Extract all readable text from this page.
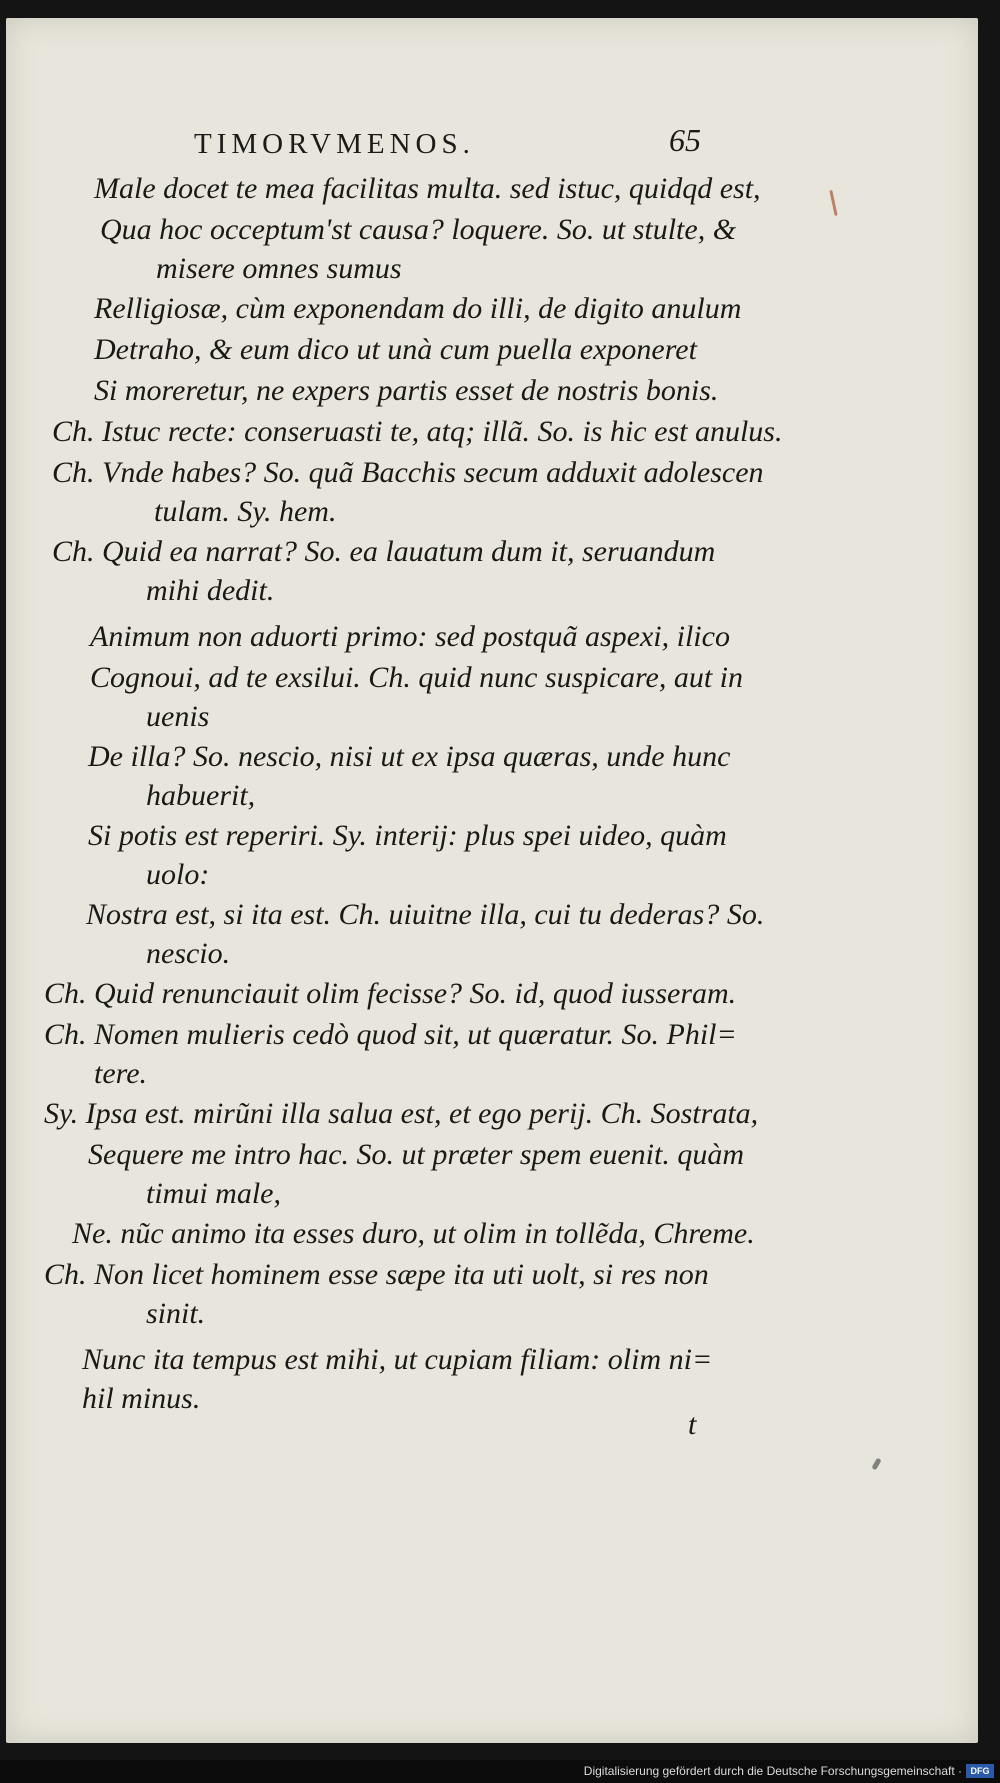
TIMORVMENOS.	65
Male docet te mea facilitas multa. sed istuc, quidqd est,
Qua hoc occeptum'st causa? loquere. So. ut stulte, &
misere omnes sumus
Relligiosæ, cùm exponendam do illi, de digito anulum
Detraho, & eum dico ut unà cum puella exponeret
Si moreretur, ne expers partis esset de nostris bonis.
Ch. Istuc recte: conseruasti te, atq; illã. So. is hic est anulus.
Ch. Vnde habes? So. quã Bacchis secum adduxit adolescen
tulam. Sy. hem.
Ch. Quid ea narrat? So. ea lauatum dum it, seruandum
mihi dedit.
Animum non aduorti primo: sed postquã aspexi, ilico
Cognoui, ad te exsilui. Ch. quid nunc suspicare, aut in
uenis
De illa? So. nescio, nisi ut ex ipsa quæras, unde hunc
habuerit,
Si potis est reperiri. Sy. interij: plus spei uideo, quàm
uolo:
Nostra est, si ita est. Ch. uiuitne illa, cui tu dederas? So.
nescio.
Ch. Quid renunciauit olim fecisse? So. id, quod iusseram.
Ch. Nomen mulieris cedò quod sit, ut quæratur. So. Phil=
tere.
Sy. Ipsa est. mirũni illa salua est, et ego perij. Ch. Sostrata,
Sequere me intro hac. So. ut præter spem euenit. quàm
timui male,
Ne. nũc animo ita esses duro, ut olim in tollẽda, Chreme.
Ch. Non licet hominem esse sæpe ita uti uolt, si res non
sinit.
Nunc ita tempus est mihi, ut cupiam filiam: olim ni=
hil minus.
t
Digitalisierung gefördert durch die Deutsche Forschungsgemeinschaft · DFG
